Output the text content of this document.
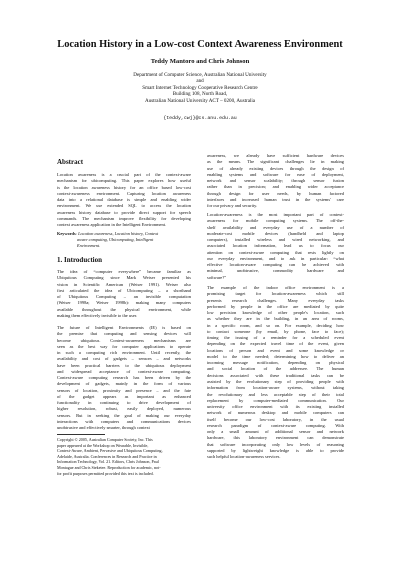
Location History in a Low-cost Context Awareness Environment
Teddy Mantoro and Chris Johnson
Department of Computer Science, Australian National University
and
Smart Internet Technology Cooperative Research Centre
Building 108, North Road,
Australian National University ACT – 0200, Australia
{teddy,cwj}@cs.anu.edu.au
Abstract
Location awareness is a crucial part of the context-aware
mechanism for ubicomputing. This paper explores how useful
is the location awareness history for an office based low-cost
context-awareness environment. Capturing location awareness
data into a relational database is simple and enabling wider
environment. We use extended SQL to access the location
awareness history database to provide direct support for speech
commands. The mechanism improve flexibility for developing
context awareness application in the Intelligent Environment.
Keywords: Location awareness, Location history, Context
aware computing, Ubicomputing, Intelligent
Environment.
1. Introduction
The idea of “computer everywhere” became familiar as
Ubiquitous Computing since Mark Weiser presented his
vision in Scientific American (Weiser 1991). Weiser also
first articulated the idea of Ubicomputing – a shorthand
of Ubiquitous Computing – an invisible computation
(Weiser 1998a; Weiser 1998b): making many computers
available throughout the physical environment, while
making them effectively invisible to the user.
The future of Intelligent Environments (IE) is based on
the premise that computing and sensing devices will
become ubiquitous. Context-awareness mechanisms are
seen as the best way for computer applications to operate
in such a computing rich environment. Until recently, the
availability and cost of gadgets – sensors – and networks
have been practical barriers to the ubiquitous deployment
and widespread acceptance of context-aware computing.
Context-aware computing research has been driven by the
development of gadgets, mainly in the form of various
sensors of location, proximity and presence – and the fate
of the gadget appears as important as enhanced
functionality in continuing to drive development of
higher resolution, robust, easily deployed, numerous
sensors. But in seeking the goal of making our everyday
interactions with computers and communications devices
unobtrusive and effectively smarter, through context
Copyright © 2005, Australian Computer Society, Inc. This
paper appeared at the Workshop on Wearable, Invisible,
Context-Aware, Ambient, Pervasive and Ubiquitous Computing,
Adelaide, Australia. Conferences in Research and Practice in
Information Technology, Vol. 21. Editors, Chris Johnson, Paul
Montague and Chris Steketee. Reproduction for academic, not-
for profit purposes permitted provided this text is included.
awareness, we already have sufficient hardware devices
as the means. The significant challenges lie in making
use of already existing devices through the design of
enabling systems and software for ease of deployment,
network and sensor scalability; through sensor fusion
rather than in precision; and enabling wider acceptance
through design for user needs, by human factored
interfaces and increased human trust in the systems' care
for our privacy and security.
Location-awareness is the most important part of context-
awareness for mobile computing systems. The off-the-
shelf availability and everyday use of a number of
moderate-cost mobile devices (handheld and laptop
computers), installed wireless and wired networking, and
associated location information, lead us to focus our
attention on context-aware computing that rests lightly on
our everyday environment, and to ask in particular: “what
effective location-aware computing can be achieved with
minimal, unobtrusive, commodity hardware and
software?”
The example of the indoor office environment is a
promising target for location-awareness which still
presents research challenges. Many everyday tasks
performed by people in the office are mediated by quite
low precision knowledge of other people's location, such
as whether they are in the building, in an area of rooms,
in a specific room, and so on. For example, deciding how
to contact someone (by email, by phone, face to face);
timing the issuing of a reminder for a scheduled event
depending on the expected travel time of the event, given
locations of person and event and some knowledge or
model to the time needed; determining how to deliver an
incoming message notification, depending on physical
and social location of the addressee. The human
decisions associated with these traditional tasks can be
assisted by the evolutionary step of providing people with
information from location-aware systems, without taking
the revolutionary and less acceptable step of their total
replacement by computer-mediated communication. Our
university office environment with its existing installed
network of numerous desktop and mobile computers can
itself become our low-cost laboratory, in the usual
research paradigm of context-aware computing. With
only a small amount of additional sensor and network
hardware, this laboratory environment can demonstrate
that software incorporating only low levels of reasoning
supported by lightweight knowledge is able to provide
such helpful location-awareness services.
